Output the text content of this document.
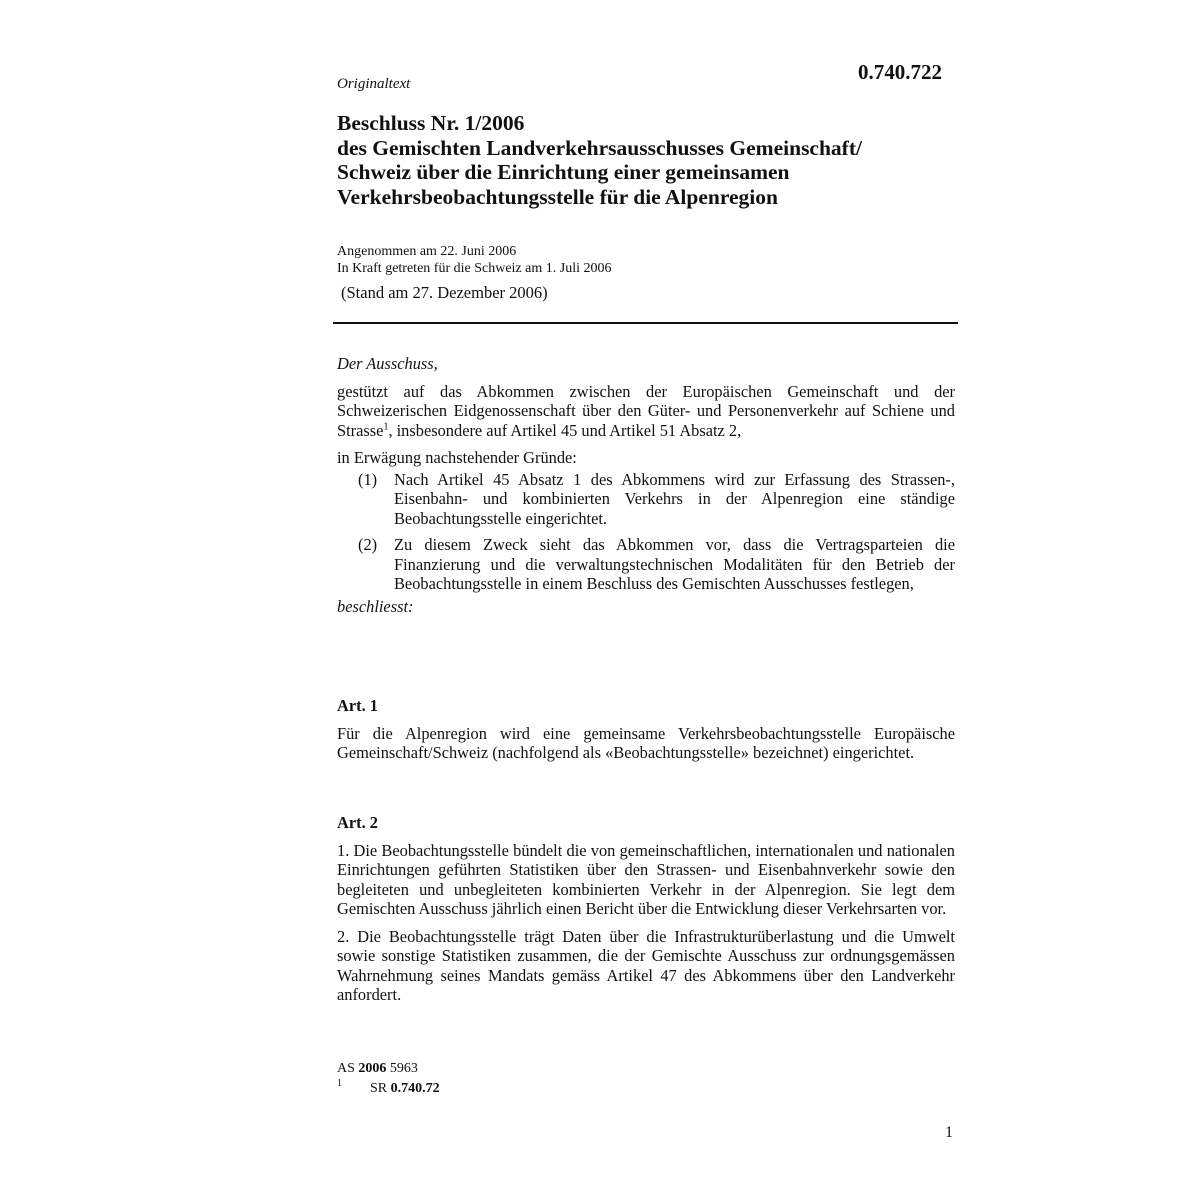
0.740.722
Originaltext
Beschluss Nr. 1/2006
des Gemischten Landverkehrsausschusses Gemeinschaft/
Schweiz über die Einrichtung einer gemeinsamen
Verkehrsbeobachtungsstelle für die Alpenregion
Angenommen am 22. Juni 2006
In Kraft getreten für die Schweiz am 1. Juli 2006
(Stand am 27. Dezember 2006)
Der Ausschuss,
gestützt auf das Abkommen zwischen der Europäischen Gemeinschaft und der Schweizerischen Eidgenossenschaft über den Güter- und Personenverkehr auf Schiene und Strasse$^1$, insbesondere auf Artikel 45 und Artikel 51 Absatz 2,
in Erwägung nachstehender Gründe:
(1) Nach Artikel 45 Absatz 1 des Abkommens wird zur Erfassung des Strassen-, Eisenbahn- und kombinierten Verkehrs in der Alpenregion eine ständige Beobachtungsstelle eingerichtet.
(2) Zu diesem Zweck sieht das Abkommen vor, dass die Vertragsparteien die Finanzierung und die verwaltungstechnischen Modalitäten für den Betrieb der Beobachtungsstelle in einem Beschluss des Gemischten Ausschusses festlegen,
beschliesst:
Art. 1
Für die Alpenregion wird eine gemeinsame Verkehrsbeobachtungsstelle Europäische Gemeinschaft/Schweiz (nachfolgend als «Beobachtungsstelle» bezeichnet) eingerichtet.
Art. 2
1. Die Beobachtungsstelle bündelt die von gemeinschaftlichen, internationalen und nationalen Einrichtungen geführten Statistiken über den Strassen- und Eisenbahnverkehr sowie den begleiteten und unbegleiteten kombinierten Verkehr in der Alpenregion. Sie legt dem Gemischten Ausschuss jährlich einen Bericht über die Entwicklung dieser Verkehrsarten vor.
2. Die Beobachtungsstelle trägt Daten über die Infrastrukturüberlastung und die Umwelt sowie sonstige Statistiken zusammen, die der Gemischte Ausschuss zur ordnungsgemässen Wahrnehmung seines Mandats gemäss Artikel 47 des Abkommens über den Landverkehr anfordert.
AS 2006 5963
1 SR 0.740.72
1
